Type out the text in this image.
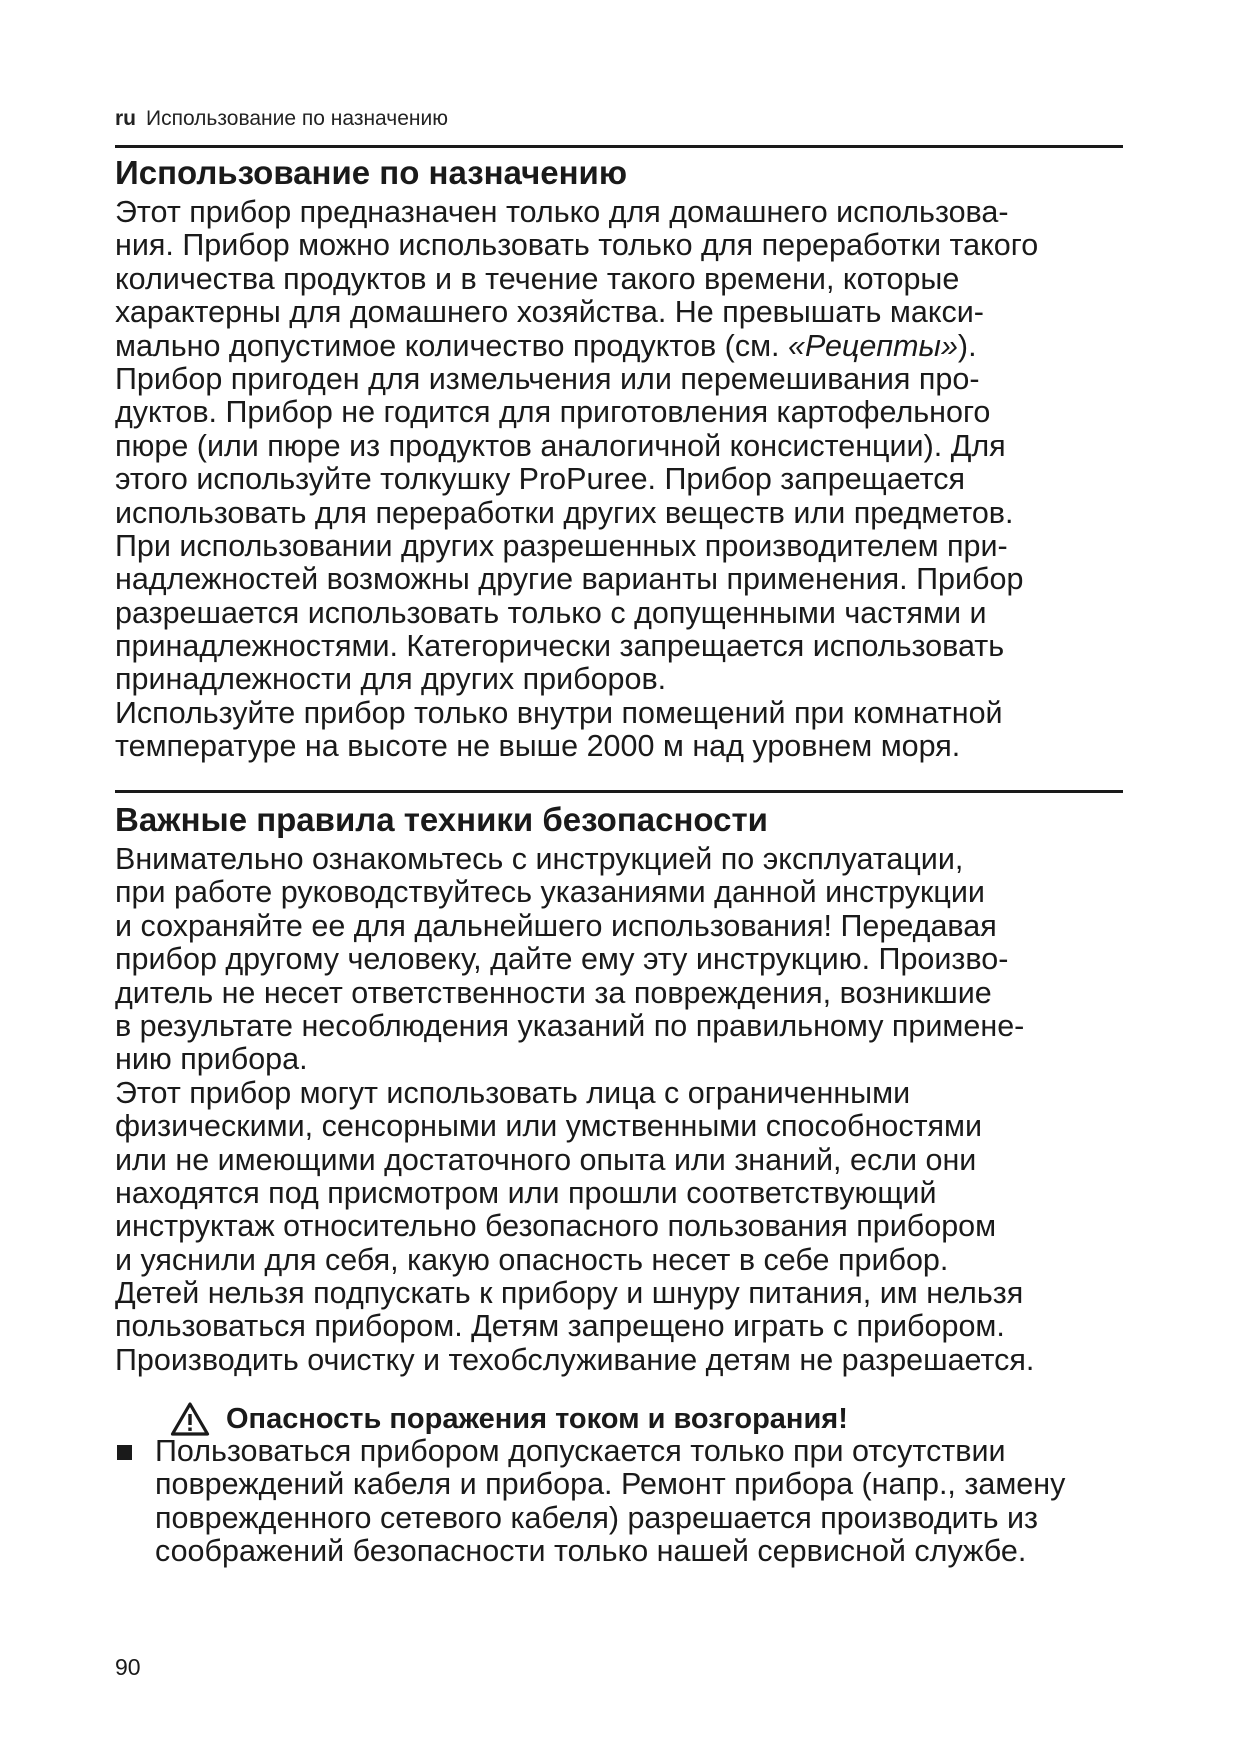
ru Использование по назначению
Использование по назначению
Этот прибор предназначен только для домашнего использова-
ния. Прибор можно использовать только для переработки такого
количества продуктов и в течение такого времени, которые
характерны для домашнего хозяйства. Не превышать макси-
мально допустимое количество продуктов (см. «Рецепты»).
Прибор пригоден для измельчения или перемешивания про-
дуктов. Прибор не годится для приготовления картофельного
пюре (или пюре из продуктов аналогичной консистенции). Для
этого используйте толкушку ProPuree. Прибор запрещается
использовать для переработки других веществ или предметов.
При использовании других разрешенных производителем при-
надлежностей возможны другие варианты применения. Прибор
разрешается использовать только с допущенными частями и
принадлежностями. Категорически запрещается использовать
принадлежности для других приборов.
Используйте прибор только внутри помещений при комнатной
температуре на высоте не выше 2000 м над уровнем моря.
Важные правила техники безопасности
Внимательно ознакомьтесь с инструкцией по эксплуатации,
при работе руководствуйтесь указаниями данной инструкции
и сохраняйте ее для дальнейшего использования! Передавая
прибор другому человеку, дайте ему эту инструкцию. Произво-
дитель не несет ответственности за повреждения, возникшие
в результате несоблюдения указаний по правильному примене-
нию прибора.
Этот прибор могут использовать лица с ограниченными
физическими, сенсорными или умственными способностями
или не имеющими достаточного опыта или знаний, если они
находятся под присмотром или прошли соответствующий
инструктаж относительно безопасного пользования прибором
и уяснили для себя, какую опасность несет в себе прибор.
Детей нельзя подпускать к прибору и шнуру питания, им нельзя
пользоваться прибором. Детям запрещено играть с прибором.
Производить очистку и техобслуживание детям не разрешается.
Опасность поражения током и возгорания!
Пользоваться прибором допускается только при отсутствии
повреждений кабеля и прибора. Ремонт прибора (напр., замену
поврежденного сетевого кабеля) разрешается производить из
соображений безопасности только нашей сервисной службе.
90
